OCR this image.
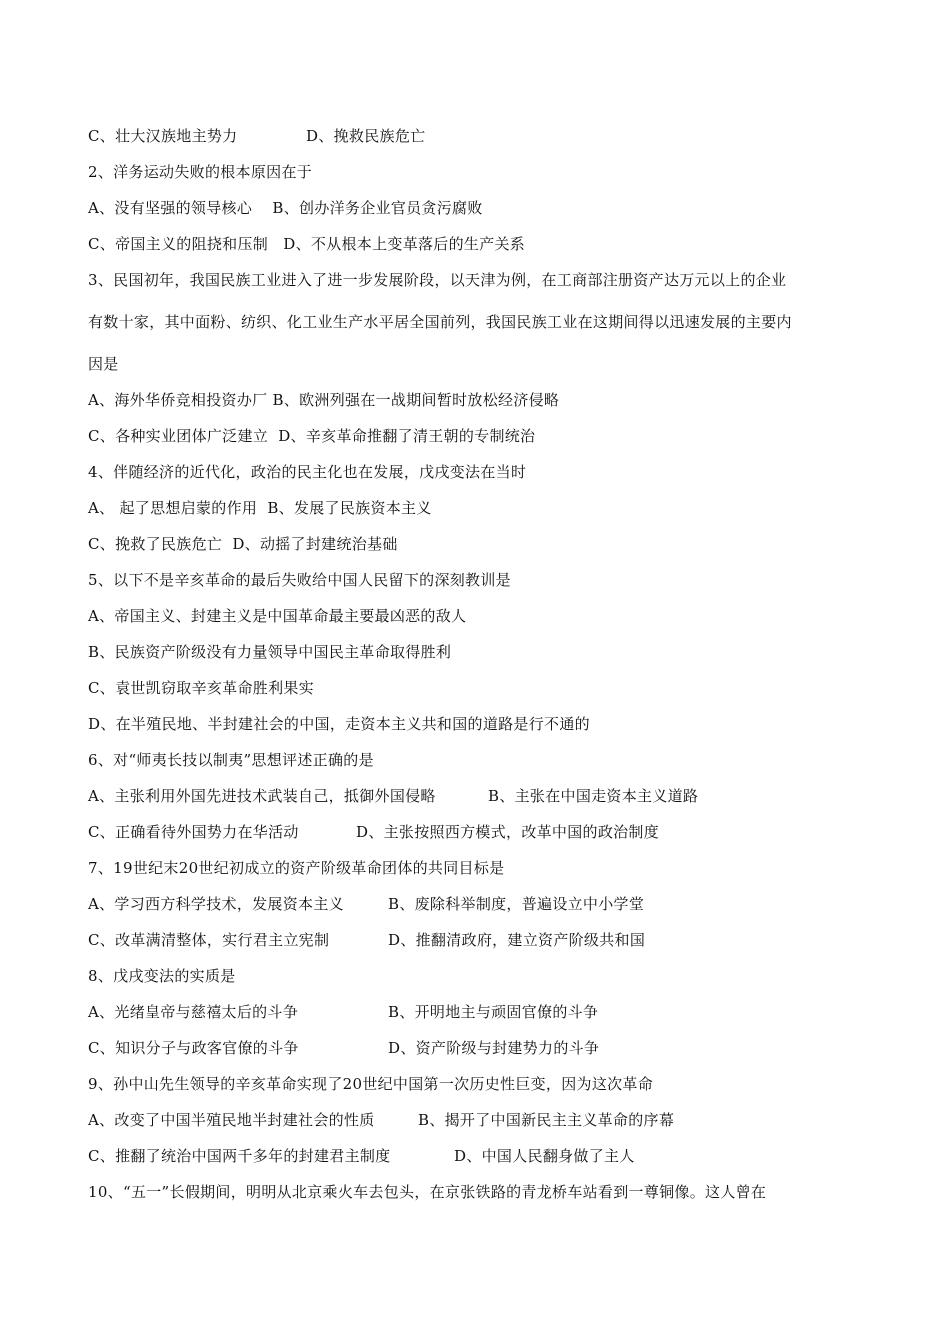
C、壮大汉族地主势力	D、挽救民族危亡
2、洋务运动失败的根本原因在于
A、没有坚强的领导核心    B、创办洋务企业官员贪污腐败
C、帝国主义的阻挠和压制   D、不从根本上变革落后的生产关系
3、民国初年，我国民族工业进入了进一步发展阶段，以天津为例，在工商部注册资产达万元以上的企业
有数十家，其中面粉、纺织、化工业生产水平居全国前列，我国民族工业在这期间得以迅速发展的主要内
因是
A、海外华侨竞相投资办厂 B、欧洲列强在一战期间暂时放松经济侵略
C、各种实业团体广泛建立  D、辛亥革命推翻了清王朝的专制统治
4、伴随经济的近代化，政治的民主化也在发展，戊戌变法在当时
A、 起了思想启蒙的作用  B、发展了民族资本主义
C、挽救了民族危亡  D、动摇了封建统治基础
5、以下不是辛亥革命的最后失败给中国人民留下的深刻教训是
A、帝国主义、封建主义是中国革命最主要最凶恶的敌人
B、民族资产阶级没有力量领导中国民主革命取得胜利
C、袁世凯窃取辛亥革命胜利果实
D、在半殖民地、半封建社会的中国，走资本主义共和国的道路是行不通的
6、对“师夷长技以制夷”思想评述正确的是
A、主张利用外国先进技术武装自己，抵御外国侵略	B、主张在中国走资本主义道路
C、正确看待外国势力在华活动	D、主张按照西方模式，改革中国的政治制度
7、19世纪末20世纪初成立的资产阶级革命团体的共同目标是
A、学习西方科学技术，发展资本主义	B、废除科举制度，普遍设立中小学堂
C、改革满清整体，实行君主立宪制	D、推翻清政府，建立资产阶级共和国
8、戊戌变法的实质是
A、光绪皇帝与慈禧太后的斗争	B、开明地主与顽固官僚的斗争
C、知识分子与政客官僚的斗争	D、资产阶级与封建势力的斗争
9、孙中山先生领导的辛亥革命实现了20世纪中国第一次历史性巨变，因为这次革命
A、改变了中国半殖民地半封建社会的性质	B、揭开了中国新民主主义革命的序幕
C、推翻了统治中国两千多年的封建君主制度	D、中国人民翻身做了主人
10、“五一”长假期间，明明从北京乘火车去包头，在京张铁路的青龙桥车站看到一尊铜像。这人曾在
